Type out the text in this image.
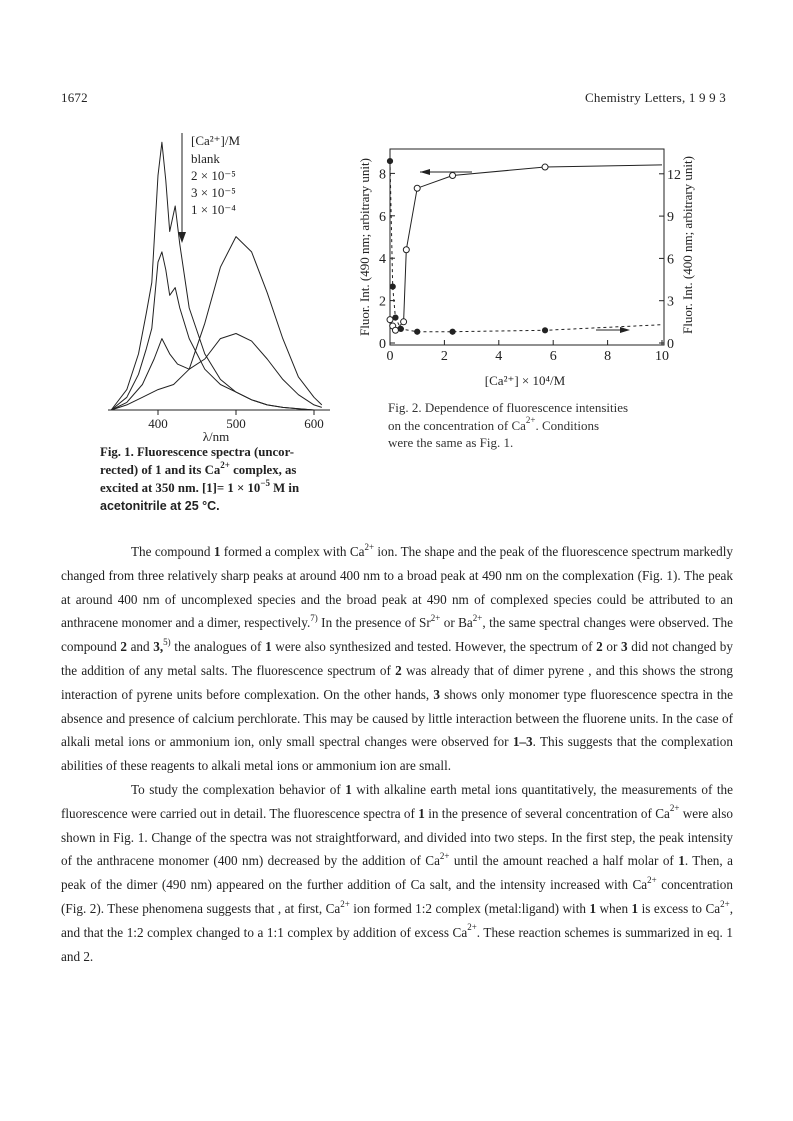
1672	Chemistry Letters, 1 9 9 3
400	500	600
λ/nm
[Ca²⁺]/M
blank
2 × 10⁻⁵
3 × 10⁻⁵
1 × 10⁻⁴
Fig. 1. Fluorescence spectra (uncor-
rected) of 1 and its $Ca^{2+}$ complex, as
excited at 350 nm. $[1]= 1 \times 10^{-5}$ M in
acetonitrile at 25 °C.
0	2	4	6	8	10
0
2
4
6
8
0
3
6
9
12
Fluor. Int. (490 nm; arbitrary unit)	Fluor. Int. (400 nm; arbitrary unit)
[Ca²⁺] × 10⁴/M
Fig. 2. Dependence of fluorescence intensities
on the concentration of $Ca^{2+}$. Conditions
were the same as Fig. 1.

The compound 1 formed a complex with $Ca^{2+}$ ion. The shape and the peak of the fluorescence spectrum markedly changed from three relatively sharp peaks at around 400 nm to a broad peak at 490 nm on the complexation (Fig. 1). The peak at around 400 nm of uncomplexed species and the broad peak at 490 nm of complexed species could be attributed to an anthracene monomer and a dimer, respectively.$^{7)}$ In the presence of $Sr^{2+}$ or $Ba^{2+}$, the same spectral changes were observed. The compound 2 and 3,$^{5)}$ the analogues of 1 were also synthesized and tested. However, the spectrum of 2 or 3 did not changed by the addition of any metal salts. The fluorescence spectrum of 2 was already that of dimer pyrene , and this shows the strong interaction of pyrene units before complexation. On the other hands, 3 shows only monomer type fluorescence spectra in the absence and presence of calcium perchlorate. This may be caused by little interaction between the fluorene units. In the case of alkali metal ions or ammonium ion, only small spectral changes were observed for 1–3. This suggests that the complexation abilities of these reagents to alkali metal ions or ammonium ion are small.

To study the complexation behavior of 1 with alkaline earth metal ions quantitatively, the measurements of the fluorescence were carried out in detail. The fluorescence spectra of 1 in the presence of several concentration of $Ca^{2+}$ were also shown in Fig. 1. Change of the spectra was not straightforward, and divided into two steps. In the first step, the peak intensity of the anthracene monomer (400 nm) decreased by the addition of $Ca^{2+}$ until the amount reached a half molar of 1. Then, a peak of the dimer (490 nm) appeared on the further addition of Ca salt, and the intensity increased with $Ca^{2+}$ concentration (Fig. 2). These phenomena suggests that , at first, $Ca^{2+}$ ion formed 1:2 complex (metal:ligand) with 1 when 1 is excess to $Ca^{2+}$, and that the 1:2 complex changed to a 1:1 complex by addition of excess $Ca^{2+}$. These reaction schemes is summarized in eq. 1 and 2.
